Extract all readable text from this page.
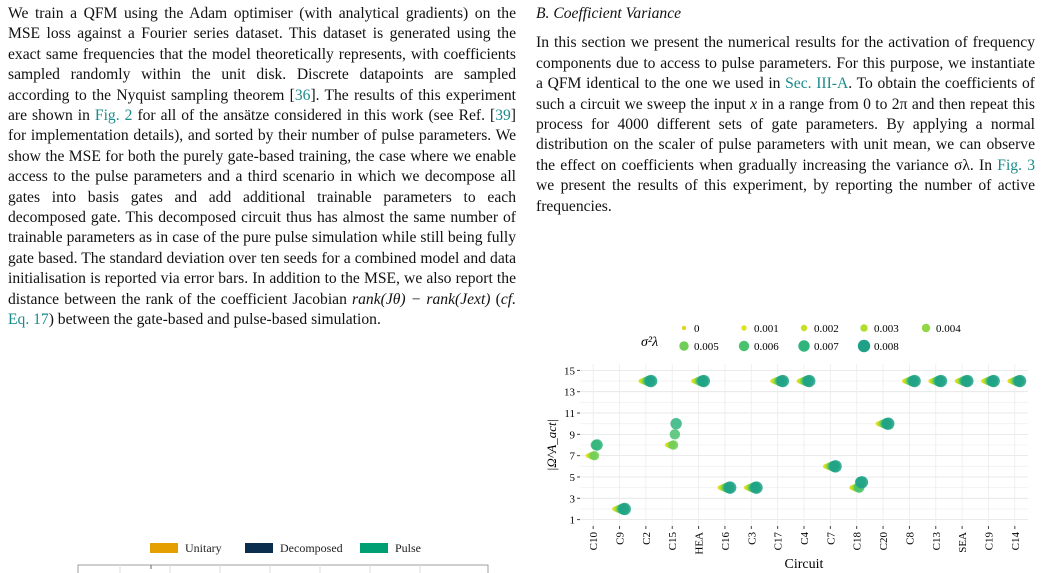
We train a QFM using the Adam optimiser (with analytical gradients) on the MSE loss against a Fourier series dataset. This dataset is generated using the exact same frequencies that the model theoretically represents, with coefficients sampled randomly within the unit disk. Discrete datapoints are sampled according to the Nyquist sampling theorem [36]. The results of this experiment are shown in Fig. 2 for all of the ansätze considered in this work (see Ref. [39] for implementation details), and sorted by their number of pulse parameters. We show the MSE for both the purely gate-based training, the case where we enable access to the pulse parameters and a third scenario in which we decompose all gates into basis gates and add additional trainable parameters to each decomposed gate. This decomposed circuit thus has almost the same number of trainable parameters as in case of the pure pulse simulation while still being fully gate based. The standard deviation over ten seeds for a combined model and data initialisation is reported via error bars. In addition to the MSE, we also report the distance between the rank of the coefficient Jacobian rank(Jθ) − rank(Jext) (cf. Eq. 17) between the gate-based and pulse-based simulation.

Unitary	Decomposed	Pulse

B. Coefficient Variance

In this section we present the numerical results for the activation of frequency components due to access to pulse parameters. For this purpose, we instantiate a QFM identical to the one we used in Sec. III-A. To obtain the coefficients of such a circuit we sweep the input x in a range from 0 to 2π and then repeat this process for 4000 different sets of gate parameters. By applying a normal distribution on the scaler of pulse parameters with unit mean, we can observe the effect on coefficients when gradually increasing the variance σλ. In Fig. 3 we present the results of this experiment, by reporting the number of active frequencies.

σ²λ
0	0.001	0.002	0.003	0.004
0.005	0.006	0.007	0.008
1
3
5
7
9
11
13
15
C10 C9 C2 C15 HEA C16 C3 C17 C4 C7 C18 C20 C8 C13 SEA C19 C14
|Ω^A_act|
Circuit
